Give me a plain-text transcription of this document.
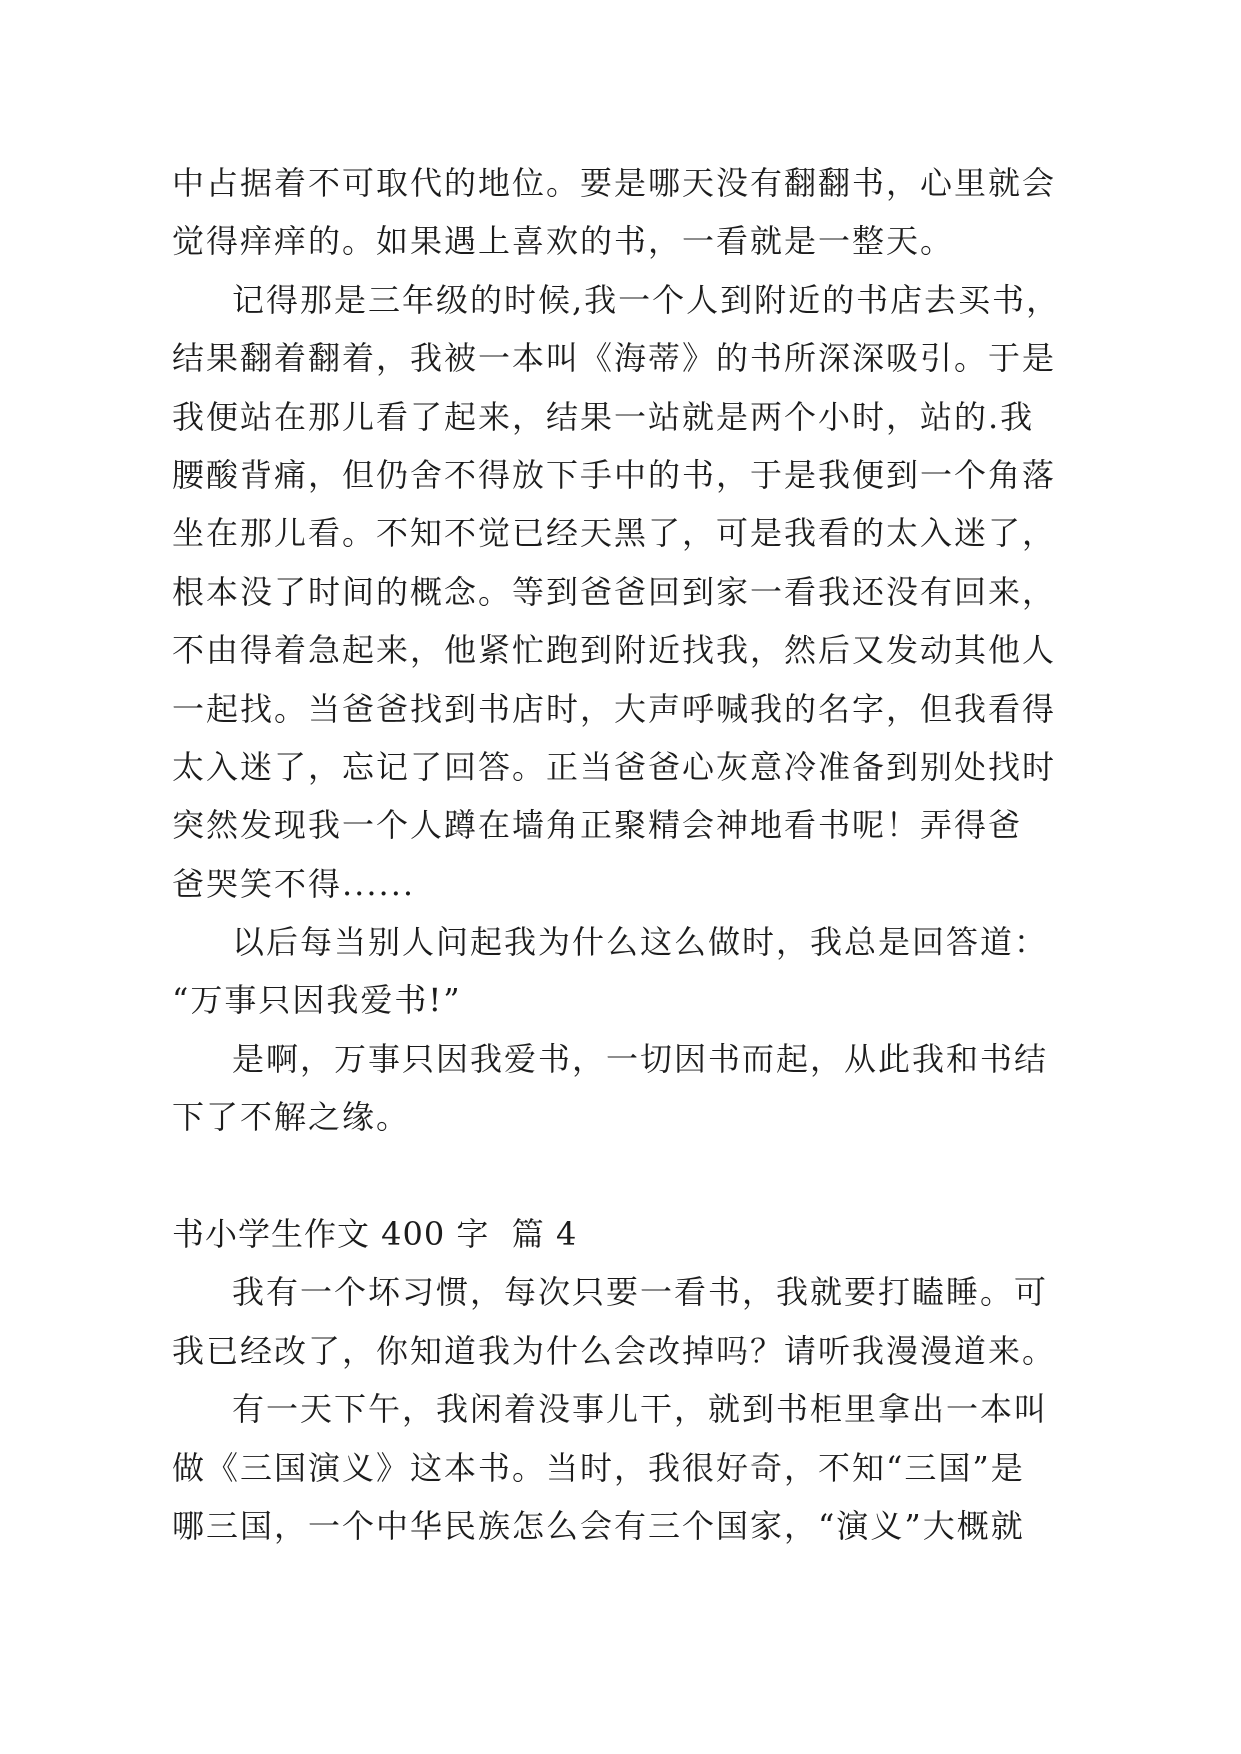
中占据着不可取代的地位。要是哪天没有翻翻书，心里就会
觉得痒痒的。如果遇上喜欢的书，一看就是一整天。
记得那是三年级的时候,我一个人到附近的书店去买书，
结果翻着翻着，我被一本叫《海蒂》的书所深深吸引。于是
我便站在那儿看了起来，结果一站就是两个小时，站的.我
腰酸背痛，但仍舍不得放下手中的书，于是我便到一个角落
坐在那儿看。不知不觉已经天黑了，可是我看的太入迷了，
根本没了时间的概念。等到爸爸回到家一看我还没有回来，
不由得着急起来，他紧忙跑到附近找我，然后又发动其他人
一起找。当爸爸找到书店时，大声呼喊我的名字，但我看得
太入迷了，忘记了回答。正当爸爸心灰意冷准备到别处找时
突然发现我一个人蹲在墙角正聚精会神地看书呢！弄得爸
爸哭笑不得......
以后每当别人问起我为什么这么做时，我总是回答道：
“万事只因我爱书!”
是啊，万事只因我爱书，一切因书而起，从此我和书结
下了不解之缘。
书小学生作文 400 字  篇 4
我有一个坏习惯，每次只要一看书，我就要打瞌睡。可
我已经改了，你知道我为什么会改掉吗？请听我漫漫道来。
有一天下午，我闲着没事儿干，就到书柜里拿出一本叫
做《三国演义》这本书。当时，我很好奇，不知“三国”是
哪三国，一个中华民族怎么会有三个国家，“演义”大概就
